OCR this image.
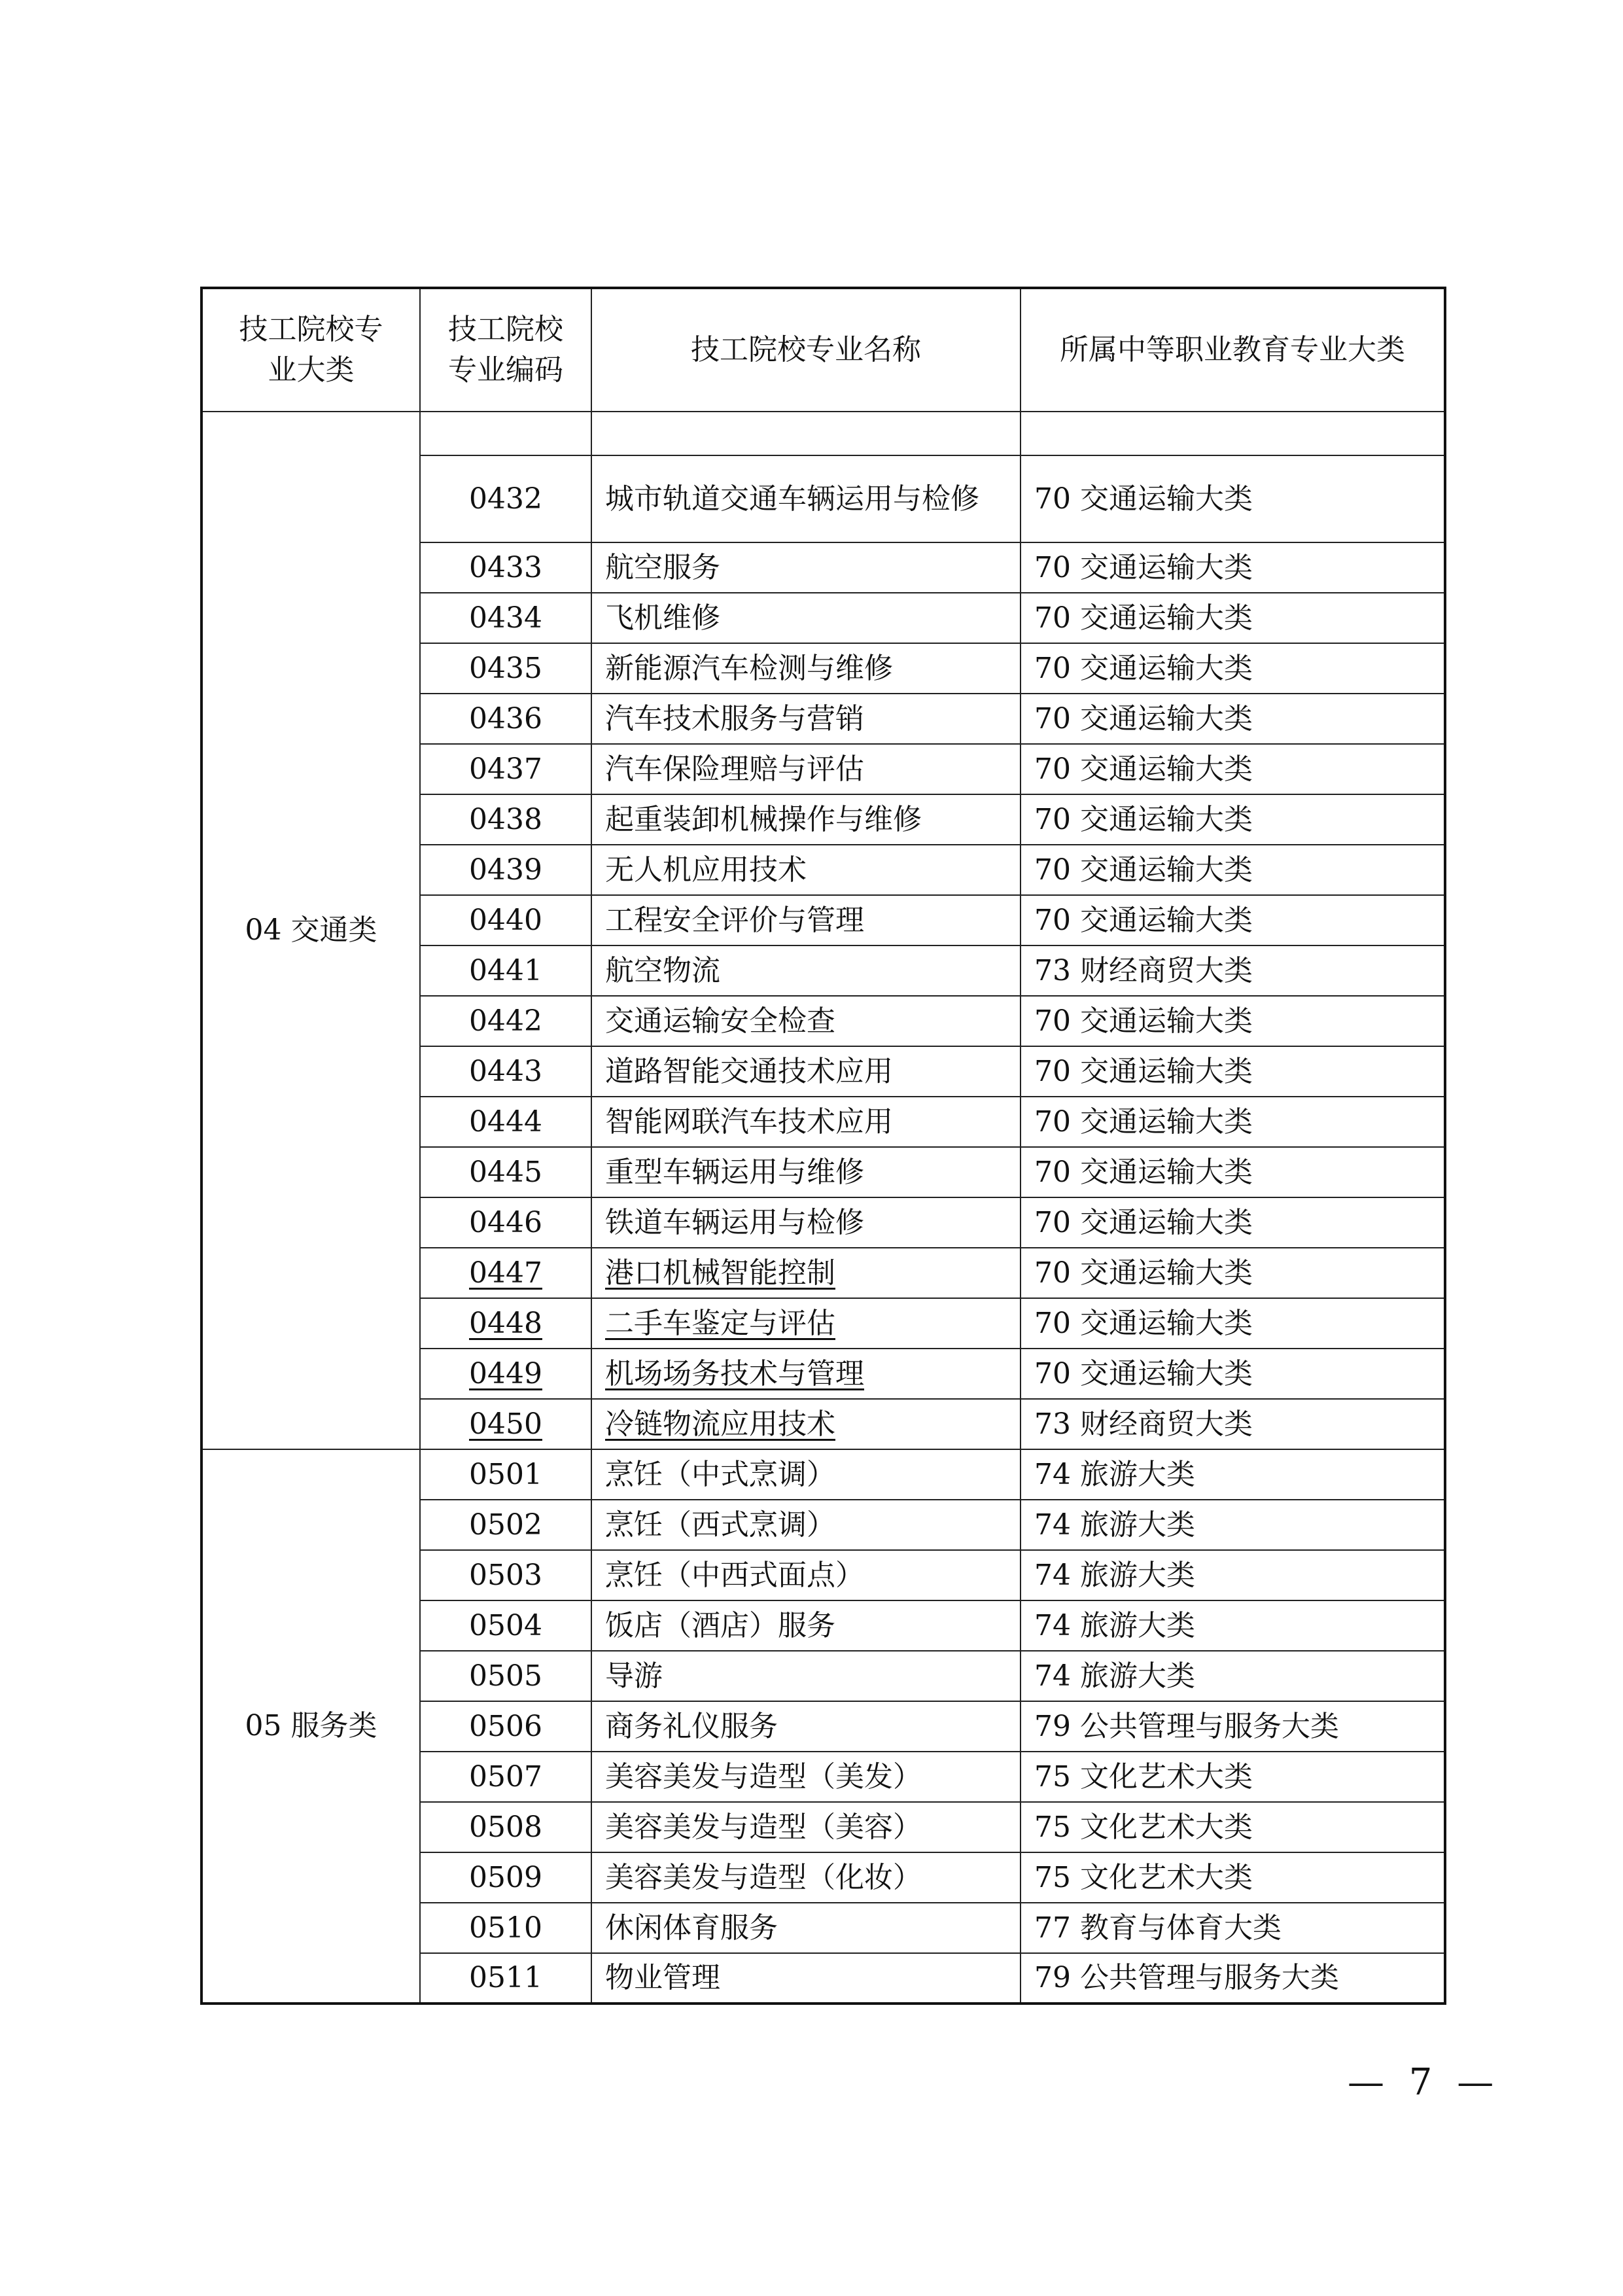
技工院校专业大类	技工院校专业编码	技工院校专业名称	所属中等职业教育专业大类
04 交通类			
	0432	城市轨道交通车辆运用与检修	70 交通运输大类
	0433	航空服务	70 交通运输大类
	0434	飞机维修	70 交通运输大类
	0435	新能源汽车检测与维修	70 交通运输大类
	0436	汽车技术服务与营销	70 交通运输大类
	0437	汽车保险理赔与评估	70 交通运输大类
	0438	起重装卸机械操作与维修	70 交通运输大类
	0439	无人机应用技术	70 交通运输大类
	0440	工程安全评价与管理	70 交通运输大类
	0441	航空物流	73 财经商贸大类
	0442	交通运输安全检查	70 交通运输大类
	0443	道路智能交通技术应用	70 交通运输大类
	0444	智能网联汽车技术应用	70 交通运输大类
	0445	重型车辆运用与维修	70 交通运输大类
	0446	铁道车辆运用与检修	70 交通运输大类
	0447	港口机械智能控制	70 交通运输大类
	0448	二手车鉴定与评估	70 交通运输大类
	0449	机场场务技术与管理	70 交通运输大类
	0450	冷链物流应用技术	73 财经商贸大类
05 服务类	0501	烹饪（中式烹调）	74 旅游大类
	0502	烹饪（西式烹调）	74 旅游大类
	0503	烹饪（中西式面点）	74 旅游大类
	0504	饭店（酒店）服务	74 旅游大类
	0505	导游	74 旅游大类
	0506	商务礼仪服务	79 公共管理与服务大类
	0507	美容美发与造型（美发）	75 文化艺术大类
	0508	美容美发与造型（美容）	75 文化艺术大类
	0509	美容美发与造型（化妆）	75 文化艺术大类
	0510	休闲体育服务	77 教育与体育大类
	0511	物业管理	79 公共管理与服务大类
— 7 —
